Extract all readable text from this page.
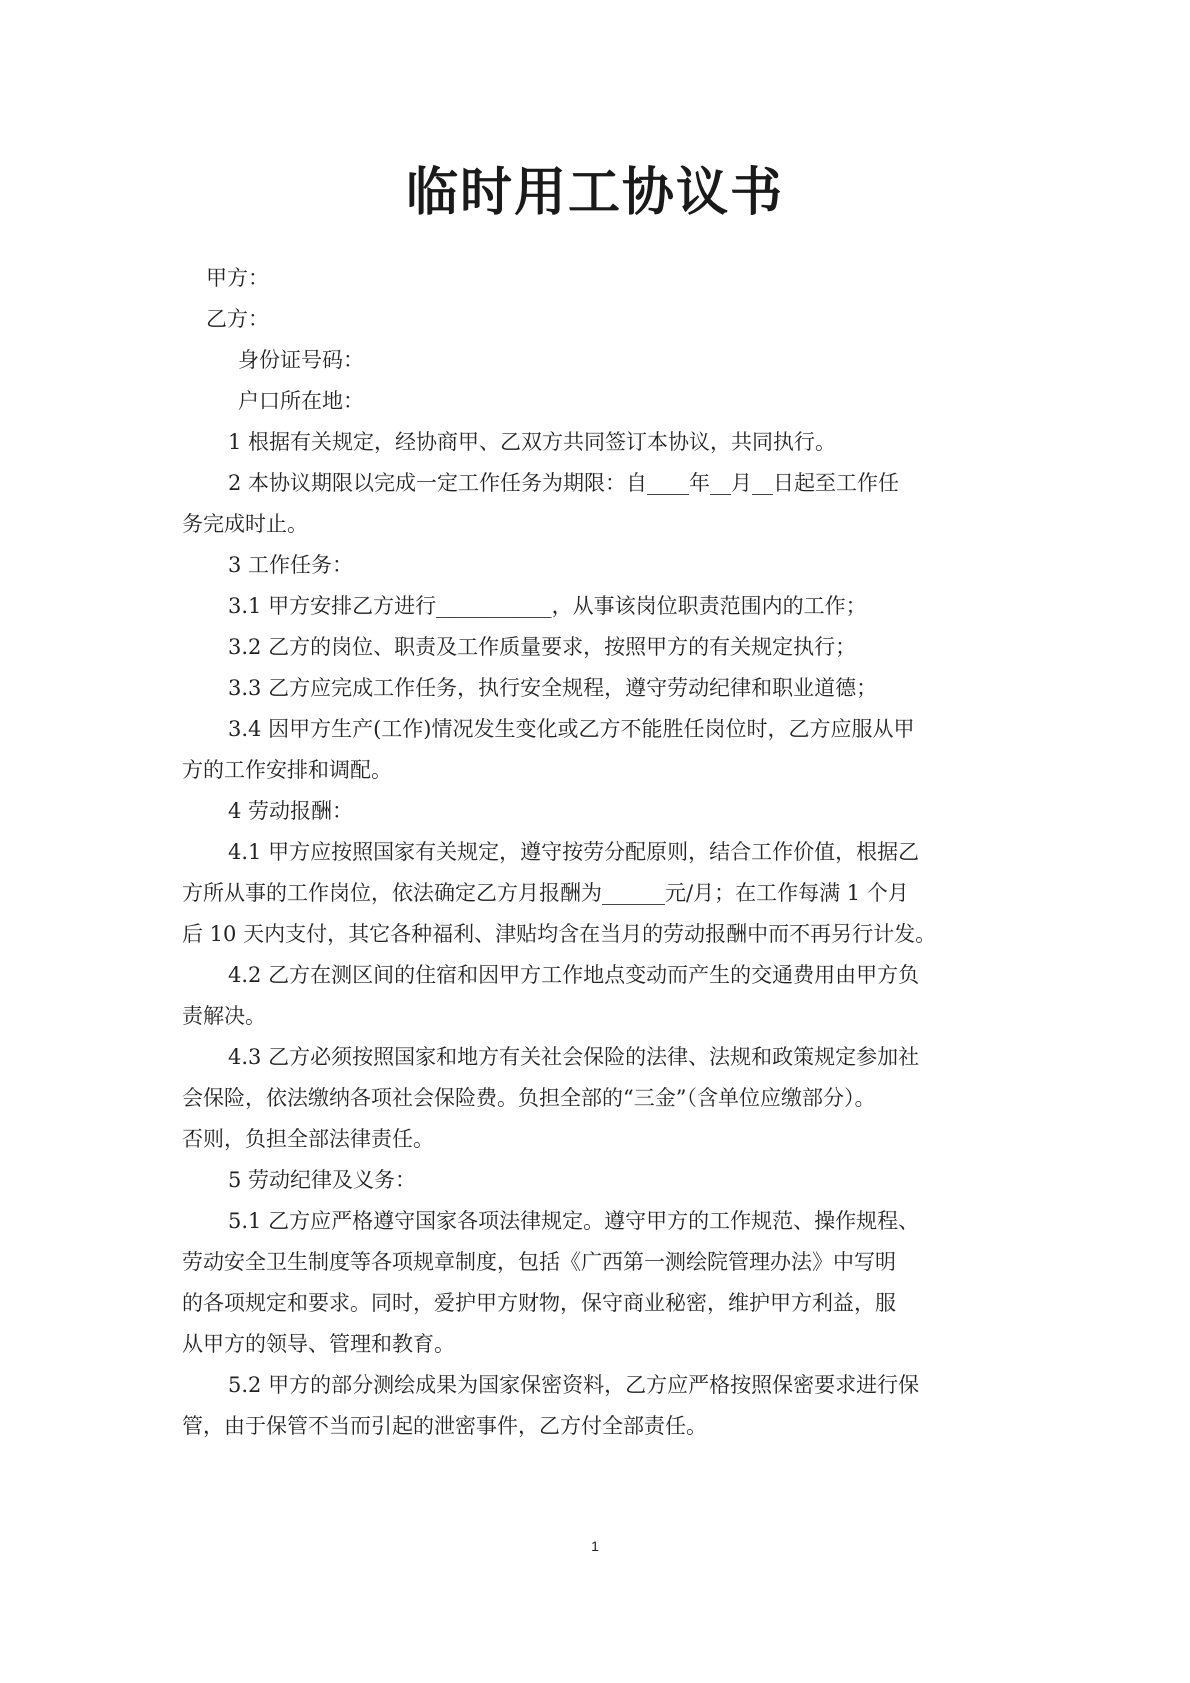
临时用工协议书
甲方：
乙方：
身份证号码：
户口所在地：
1 根据有关规定，经协商甲、乙双方共同签订本协议，共同执行。
2 本协议期限以完成一定工作任务为期限：自____年__月__日起至工作任
务完成时止。
3 工作任务：
3.1 甲方安排乙方进行___________，从事该岗位职责范围内的工作；
3.2 乙方的岗位、职责及工作质量要求，按照甲方的有关规定执行；
3.3 乙方应完成工作任务，执行安全规程，遵守劳动纪律和职业道德；
3.4 因甲方生产(工作)情况发生变化或乙方不能胜任岗位时，乙方应服从甲
方的工作安排和调配。
4 劳动报酬：
4.1 甲方应按照国家有关规定，遵守按劳分配原则，结合工作价值，根据乙
方所从事的工作岗位，依法确定乙方月报酬为______元/月；在工作每满 1 个月
后 10 天内支付，其它各种福利、津贴均含在当月的劳动报酬中而不再另行计发。
4.2 乙方在测区间的住宿和因甲方工作地点变动而产生的交通费用由甲方负
责解决。
4.3 乙方必须按照国家和地方有关社会保险的法律、法规和政策规定参加社
会保险，依法缴纳各项社会保险费。负担全部的“三金”（含单位应缴部分）。
否则，负担全部法律责任。
5 劳动纪律及义务：
5.1 乙方应严格遵守国家各项法律规定。遵守甲方的工作规范、操作规程、
劳动安全卫生制度等各项规章制度，包括《广西第一测绘院管理办法》中写明
的各项规定和要求。同时，爱护甲方财物，保守商业秘密，维护甲方利益，服
从甲方的领导、管理和教育。
5.2 甲方的部分测绘成果为国家保密资料，乙方应严格按照保密要求进行保
管，由于保管不当而引起的泄密事件，乙方付全部责任。
1
